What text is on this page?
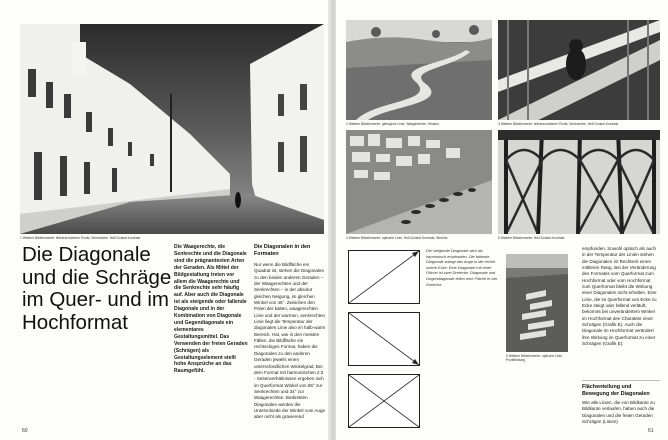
1 Weitere Bildelemente: teilverschobener Punkt, Senkrechte. Hell-Dunkel-Kontrast
Die Diagonale und die Schräge im Quer- und im Hochformat
Die Waagerechte, die Senkrechte und die Diagonale sind die prägnantesten Arten der Geraden. Als Mittel der Bildgestaltung treten vor allem die Waagerechte und die Senkrechte sehr häufig auf. Aber auch die Diagonale ist als steigende oder fallende Diagonale und in der Kombination von Diagonale und Gegendiagonale ein elementares Gestaltungsmittel. Das Verwenden der freien Geraden (Schrägen) als Gestaltungselement stellt hohe Ansprüche an das Raumgefühl.
Die Diagonalen in den Formaten
Nur wenn die Bildfläche ein Quadrat ist, stehen die Diagonalen zu den beiden anderen Geraden – der Waagerechten und der Senkrechten – in der absolut gleichen Neigung, im gleichen Winkel von 45°. Zwischen den Polen der kalten, waagerechten Linie und der warmen, senkrechten Linie liegt die Temperatur der diagonalen Linie also im halb-warm Bereich. Hat, wie in den meisten Fällen, die Bildfläche ein rechteckiges Format, haben die Diagonalen zu den anderen Geraden jeweils einen unterschiedlichen Winkelgrad. Bei dem Format mit harmonischen 2:3 - Seitenverhältnissen ergeben sich im Querformat Winkel von 56° zur Senkrechten und 34° zur Waagerechten. Bedirekten Diagonalen werden die Unterschiede der Winkel vom Auge aber nicht als gravierend
60
2 Weitere Bildelemente: gebogene Linie, Waagerechte, Struktur	3 Weitere Bildelemente: teilverschobener Punkt, Senkrechte, Hell-Dunkel-Kontrast
4 Weitere Bildelemente: optische Linie, Hell-Dunkel-Kontrast, Struktur	5 Weitere Bildelemente: Hell-Dunkel-Kontrast
Die steigende Diagonale wird als harmonisch empfunden. Die fallende Diagonale zwingt das Auge in die rechte untere Ecke. Eine Diagonale mit einer Fläche ist zwei Dreiecke. Diagonale und Gegendiagonale teilen eine Fläche in vier Dreiecke.
6 Weitere Bildelemente: optische Linie, Punktbildung
empfunden. Sowohl optisch als auch in der Temperatur der Linien stehen die Diagonalen im Rechteck einen mittleren Rang. Bei der Veränderung des Formates vom Querformat zum Hochformat oder vom Hochformat zum Querformat bleibt die Wirkung einer Diagonalen nicht erhalten. Eine Linie, die im Querformat von Ecke zu Ecke steigt oder fallend verläuft, bekommt bei unverändertem Winkel im Hochformat den Charakter einer Schrägen (Grafik E). Auch die Diagonale im Hochformat verändert ihre Wirkung im Querformat zu einer Schrägen (Grafik E).
Flächenteilung und Bewegung der Diagonalen
Wie alle Linien, die von Bildkante zu Bildkante verlaufen, haben auch die Diagonalen und die freien Geraden Schrägen (Linien)
61
